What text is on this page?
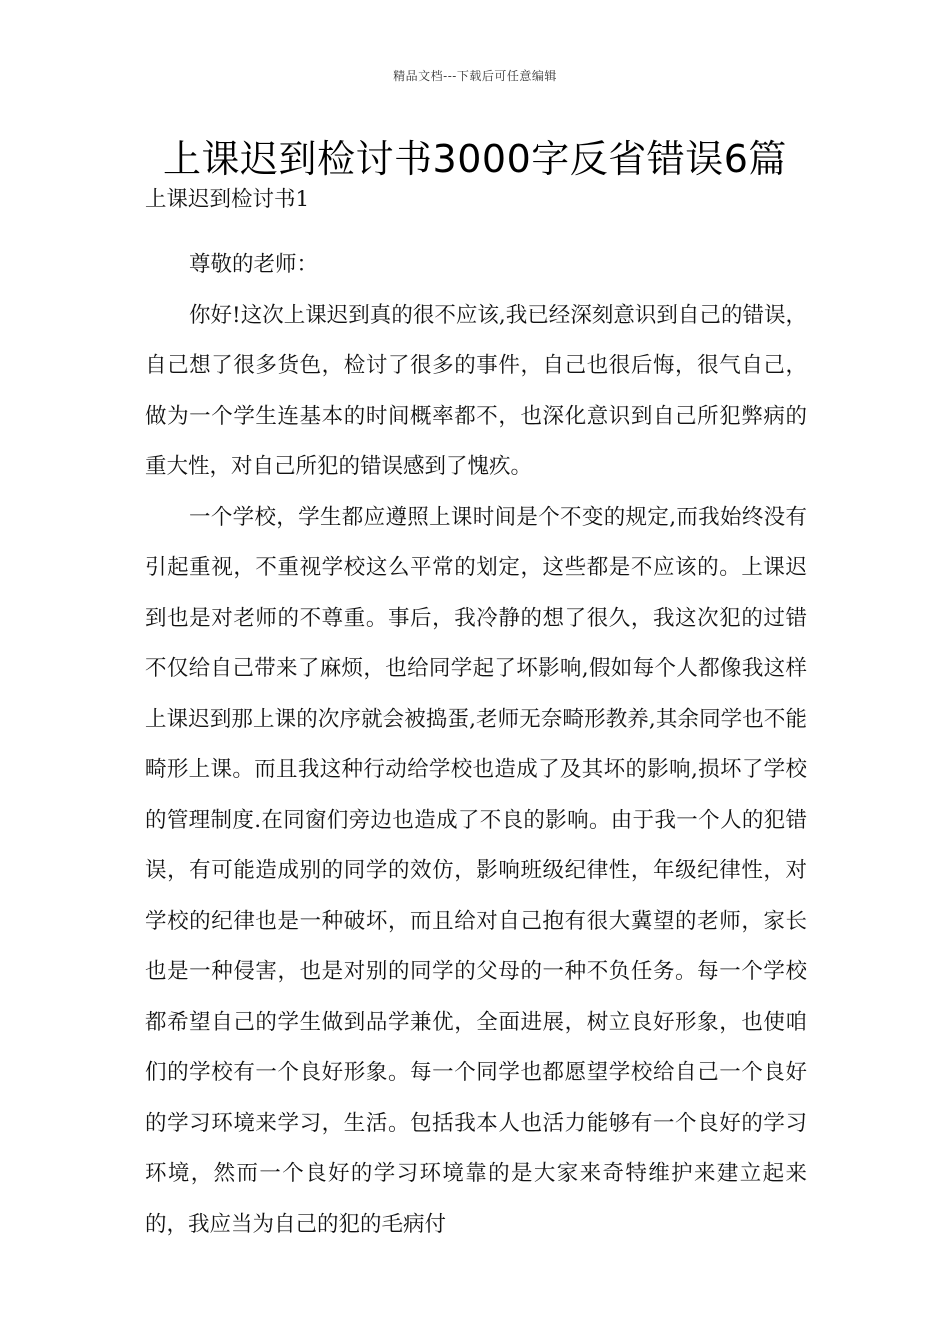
精品文档---下载后可任意编辑
上课迟到检讨书3000字反省错误6篇
上课迟到检讨书1

尊敬的老师：

你好!这次上课迟到真的很不应该,我已经深刻意识到自己的错误，自己想了很多货色，检讨了很多的事件，自己也很后悔，很气自己，做为一个学生连基本的时间概率都不，也深化意识到自己所犯弊病的重大性，对自己所犯的错误感到了愧疚。

一个学校，学生都应遵照上课时间是个不变的规定,而我始终没有引起重视，不重视学校这么平常的划定，这些都是不应该的。上课迟到也是对老师的不尊重。事后，我冷静的想了很久，我这次犯的过错不仅给自己带来了麻烦，也给同学起了坏影响,假如每个人都像我这样上课迟到那上课的次序就会被捣蛋,老师无奈畸形教养,其余同学也不能畸形上课。而且我这种行动给学校也造成了及其坏的影响,损坏了学校的管理制度.在同窗们旁边也造成了不良的影响。由于我一个人的犯错误，有可能造成别的同学的效仿，影响班级纪律性，年级纪律性，对学校的纪律也是一种破坏，而且给对自己抱有很大冀望的老师，家长也是一种侵害，也是对别的同学的父母的一种不负任务。每一个学校都希望自己的学生做到品学兼优，全面进展，树立良好形象，也使咱们的学校有一个良好形象。每一个同学也都愿望学校给自己一个良好的学习环境来学习，生活。包括我本人也活力能够有一个良好的学习环境，然而一个良好的学习环境靠的是大家来奇特维护来建立起来的，我应当为自己的犯的毛病付
